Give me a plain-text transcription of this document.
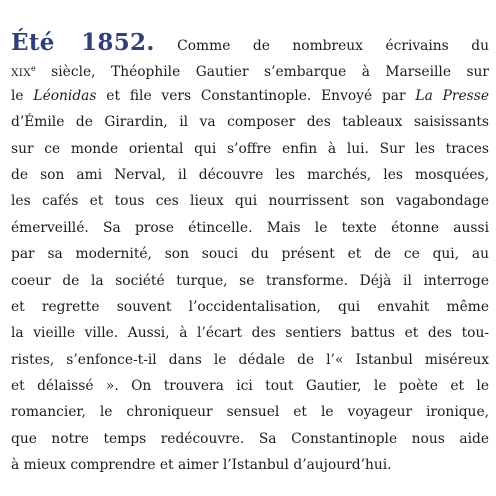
Été 1852. Comme de nombreux écrivains du
XIXe siècle, Théophile Gautier s’embarque à Marseille sur
le Léonidas et file vers Constantinople. Envoyé par La Presse
d’Émile de Girardin, il va composer des tableaux saisissants
sur ce monde oriental qui s’offre enfin à lui. Sur les traces
de son ami Nerval, il découvre les marchés, les mosquées,
les cafés et tous ces lieux qui nourrissent son vagabondage
émerveillé. Sa prose étincelle. Mais le texte étonne aussi
par sa modernité, son souci du présent et de ce qui, au
coeur de la société turque, se transforme. Déjà il interroge
et regrette souvent l’occidentalisation, qui envahit même
la vieille ville. Aussi, à l’écart des sentiers battus et des tou-
ristes, s’enfonce-t-il dans le dédale de l’« Istanbul miséreux
et délaissé ». On trouvera ici tout Gautier, le poète et le
romancier, le chroniqueur sensuel et le voyageur ironique,
que notre temps redécouvre. Sa Constantinople nous aide
à mieux comprendre et aimer l’Istanbul d’aujourd’hui.
